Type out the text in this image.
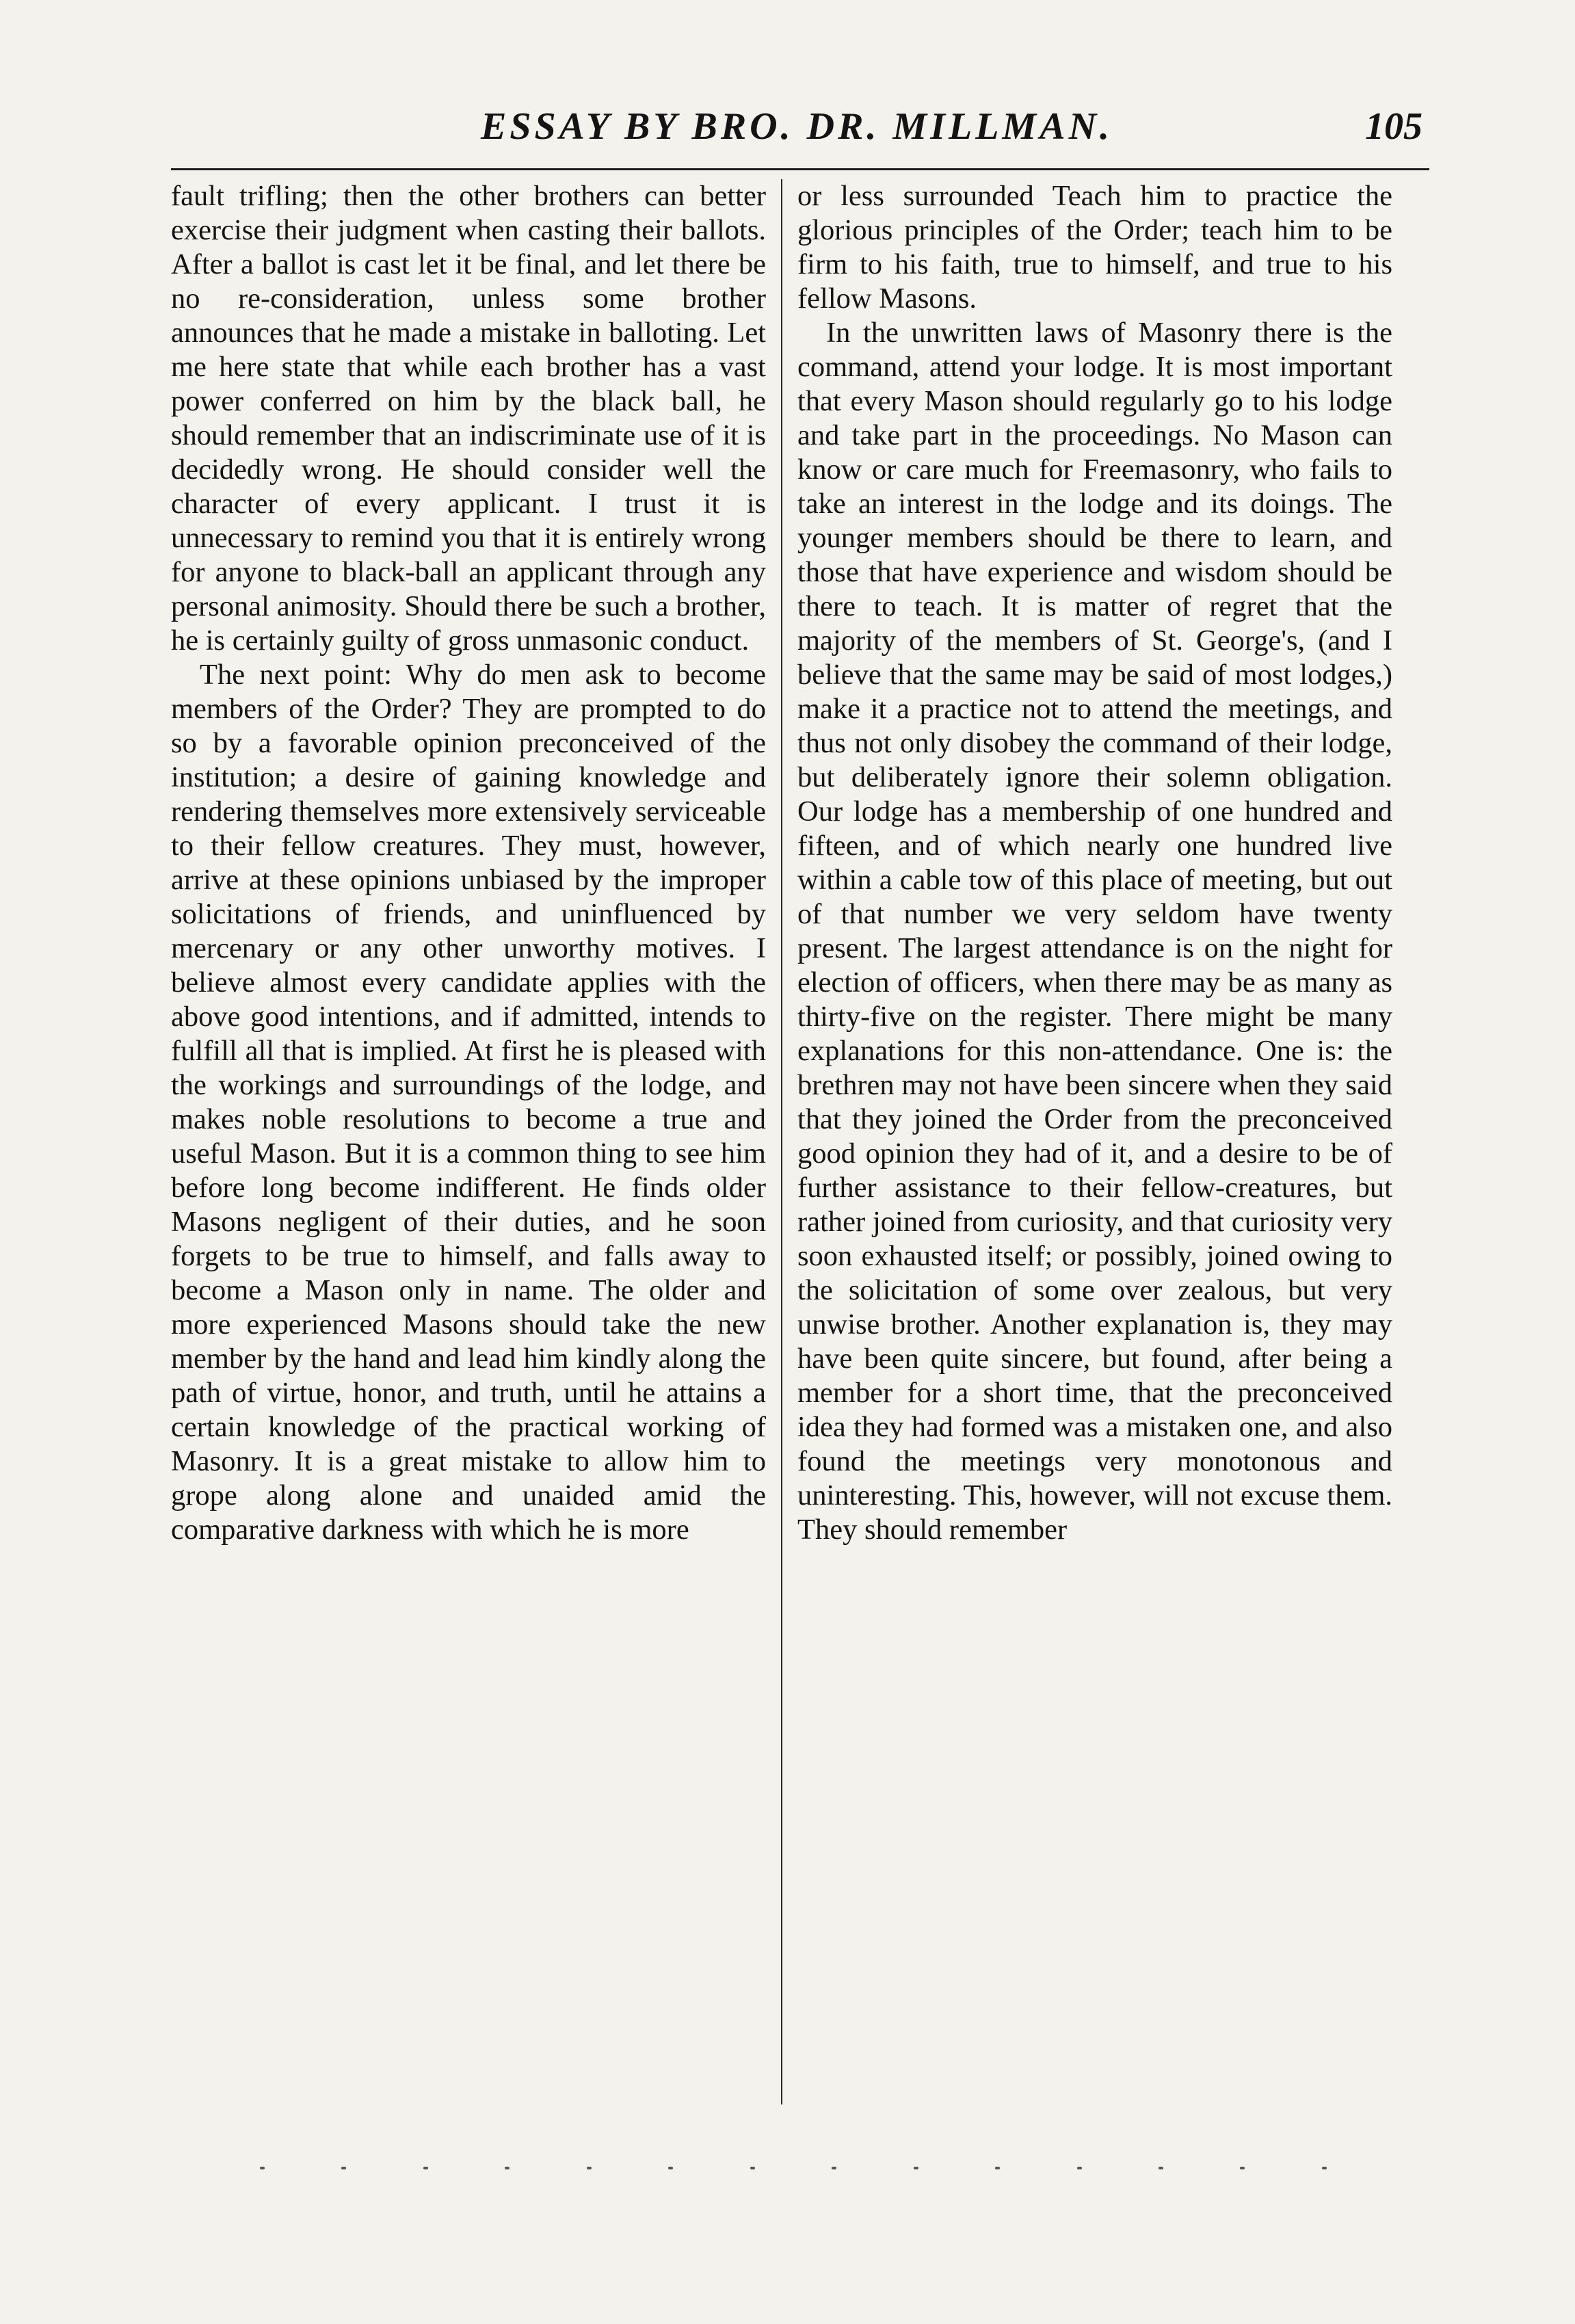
ESSAY BY BRO. DR. MILLMAN.	105

fault trifling; then the other brothers can better exercise their judgment when casting their ballots. After a ballot is cast let it be final, and let there be no re-consideration, unless some brother announces that he made a mistake in balloting. Let me here state that while each brother has a vast power conferred on him by the black ball, he should remember that an indiscriminate use of it is decidedly wrong. He should consider well the character of every applicant. I trust it is unnecessary to remind you that it is entirely wrong for anyone to black-ball an applicant through any personal animosity. Should there be such a brother, he is certainly guilty of gross unmasonic conduct.

The next point: Why do men ask to become members of the Order? They are prompted to do so by a favorable opinion preconceived of the institution; a desire of gaining knowledge and rendering themselves more extensively serviceable to their fellow creatures. They must, however, arrive at these opinions unbiased by the improper solicitations of friends, and uninfluenced by mercenary or any other unworthy motives. I believe almost every candidate applies with the above good intentions, and if admitted, intends to fulfill all that is implied. At first he is pleased with the workings and surroundings of the lodge, and makes noble resolutions to become a true and useful Mason. But it is a common thing to see him before long become indifferent. He finds older Masons negligent of their duties, and he soon forgets to be true to himself, and falls away to become a Mason only in name. The older and more experienced Masons should take the new member by the hand and lead him kindly along the path of virtue, honor, and truth, until he attains a certain knowledge of the practical working of Masonry. It is a great mistake to allow him to grope along alone and unaided amid the comparative darkness with which he is more

or less surrounded Teach him to practice the glorious principles of the Order; teach him to be firm to his faith, true to himself, and true to his fellow Masons.

In the unwritten laws of Masonry there is the command, attend your lodge. It is most important that every Mason should regularly go to his lodge and take part in the proceedings. No Mason can know or care much for Freemasonry, who fails to take an interest in the lodge and its doings. The younger members should be there to learn, and those that have experience and wisdom should be there to teach. It is matter of regret that the majority of the members of St. George's, (and I believe that the same may be said of most lodges,) make it a practice not to attend the meetings, and thus not only disobey the command of their lodge, but deliberately ignore their solemn obligation. Our lodge has a membership of one hundred and fifteen, and of which nearly one hundred live within a cable tow of this place of meeting, but out of that number we very seldom have twenty present. The largest attendance is on the night for election of officers, when there may be as many as thirty-five on the register. There might be many explanations for this non-attendance. One is: the brethren may not have been sincere when they said that they joined the Order from the preconceived good opinion they had of it, and a desire to be of further assistance to their fellow-creatures, but rather joined from curiosity, and that curiosity very soon exhausted itself; or possibly, joined owing to the solicitation of some over zealous, but very unwise brother. Another explanation is, they may have been quite sincere, but found, after being a member for a short time, that the preconceived idea they had formed was a mistaken one, and also found the meetings very monotonous and uninteresting. This, however, will not excuse them. They should remember
